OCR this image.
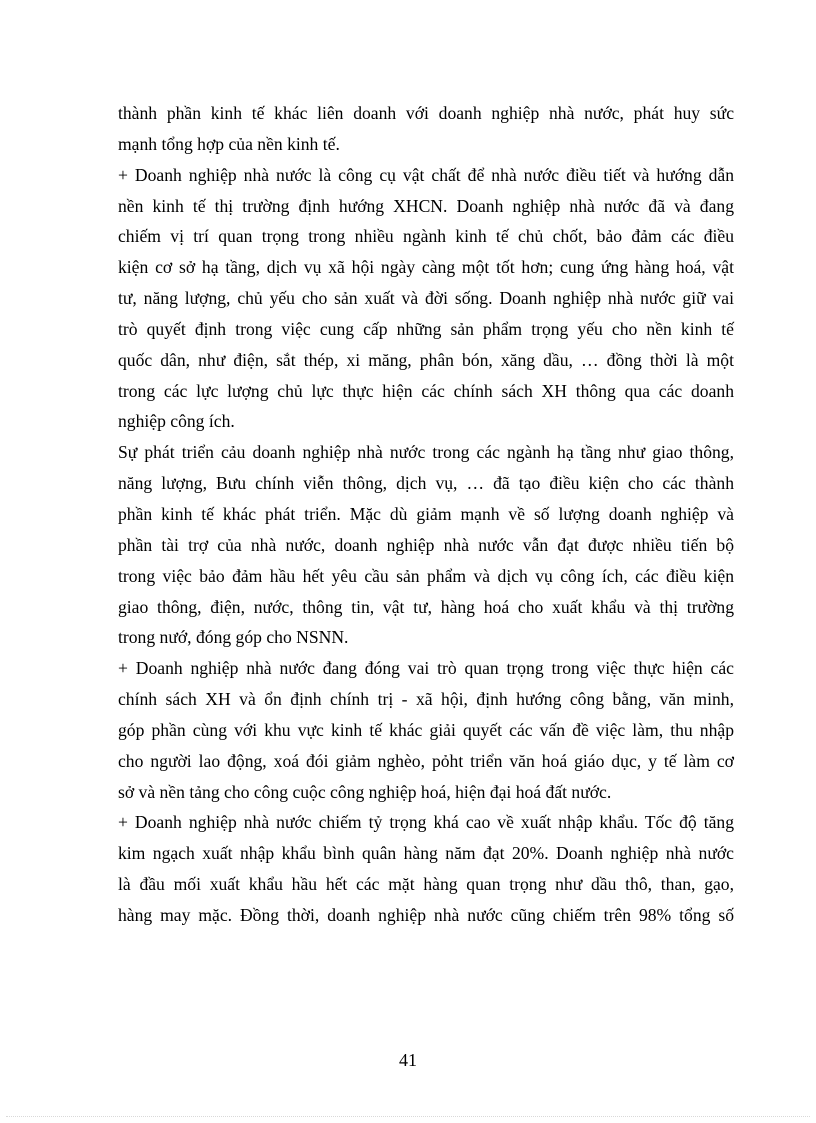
thành phần kinh tế khác liên doanh với doanh nghiệp nhà nước, phát huy sức
mạnh tổng hợp của nền kinh tế.
+ Doanh nghiệp nhà nước là công cụ vật chất để nhà nước điều tiết và hướng dẫn
nền kinh tế thị trường định hướng XHCN. Doanh nghiệp nhà nước đã và đang
chiếm vị trí quan trọng trong nhiều ngành kinh tế chủ chốt, bảo đảm các điều
kiện cơ sở hạ tầng, dịch vụ xã hội ngày càng một tốt hơn; cung ứng hàng hoá, vật
tư, năng lượng, chủ yếu cho sản xuất và đời sống. Doanh nghiệp nhà nước giữ vai
trò quyết định trong việc cung cấp những sản phẩm trọng yếu cho nền kinh tế
quốc dân, như điện, sắt thép, xi măng, phân bón, xăng dầu, … đồng thời là một
trong các lực lượng chủ lực thực hiện các chính sách XH thông qua các doanh
nghiệp công ích.
Sự phát triển cảu doanh nghiệp nhà nước trong các ngành hạ tầng như giao thông,
năng lượng, Bưu chính viễn thông, dịch vụ, … đã tạo điều kiện cho các thành
phần kinh tế khác phát triển. Mặc dù giảm mạnh về số lượng doanh nghiệp và
phần tài trợ của nhà nước, doanh nghiệp nhà nước vẫn đạt được nhiều tiến bộ
trong việc bảo đảm hầu hết yêu cầu sản phẩm và dịch vụ công ích, các điều kiện
giao thông, điện, nước, thông tin, vật tư, hàng hoá cho xuất khẩu và thị trường
trong nướ, đóng góp cho NSNN.
+ Doanh nghiệp nhà nước đang đóng vai trò quan trọng trong việc thực hiện các
chính sách XH và ổn định chính trị - xã hội, định hướng công bằng, văn minh,
góp phần cùng với khu vực kinh tế khác giải quyết các vấn đề việc làm, thu nhập
cho người lao động, xoá đói giảm nghèo, pỏht triển văn hoá giáo dục, y tế làm cơ
sở và nền tảng cho công cuộc công nghiệp hoá, hiện đại hoá đất nước.
+ Doanh nghiệp nhà nước chiếm tỷ trọng khá cao về xuất nhập khẩu. Tốc độ tăng
kim ngạch xuất nhập khẩu bình quân hàng năm đạt 20%. Doanh nghiệp nhà nước
là đầu mối xuất khẩu hầu hết các mặt hàng quan trọng như dầu thô, than, gạo,
hàng may mặc. Đồng thời, doanh nghiệp nhà nước cũng chiếm trên 98% tổng số
41
